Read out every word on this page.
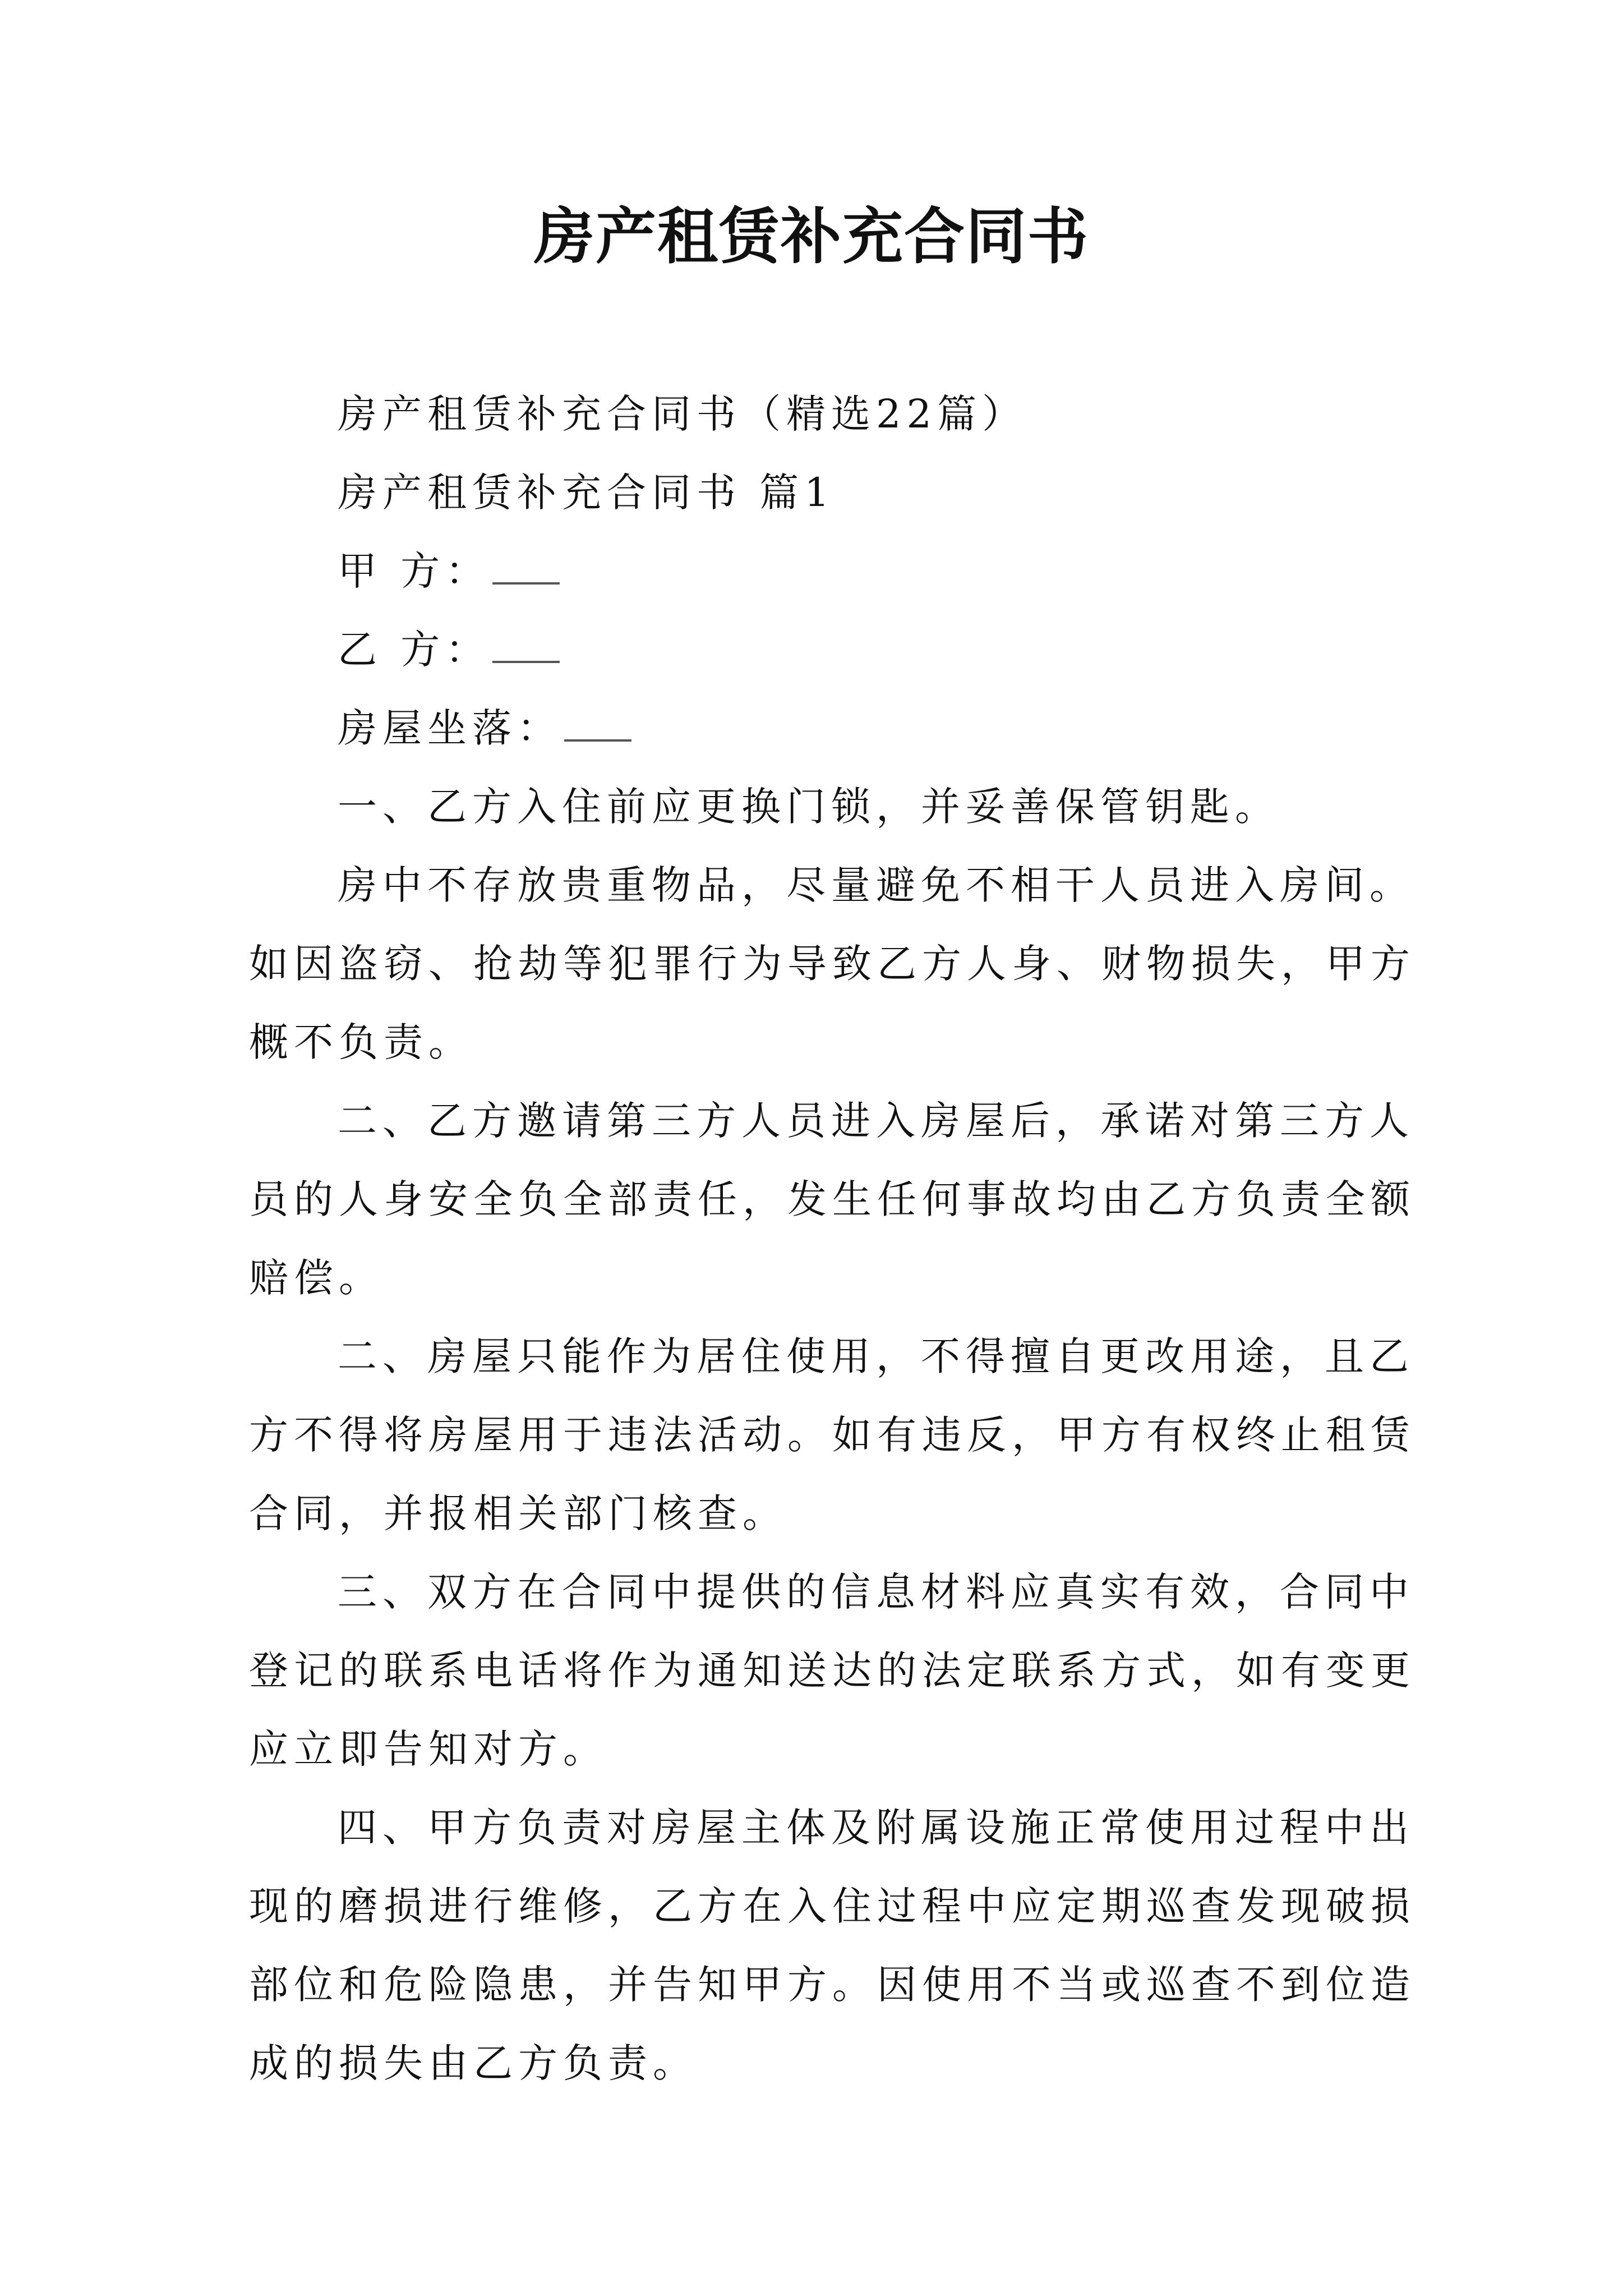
房产租赁补充合同书
房产租赁补充合同书（精选22篇）
房产租赁补充合同书 篇1
甲 方：
乙 方：
房屋坐落：
一、乙方入住前应更换门锁，并妥善保管钥匙。
房中不存放贵重物品，尽量避免不相干人员进入房间。
如因盗窃、抢劫等犯罪行为导致乙方人身、财物损失，甲方
概不负责。
二、乙方邀请第三方人员进入房屋后，承诺对第三方人
员的人身安全负全部责任，发生任何事故均由乙方负责全额
赔偿。
二、房屋只能作为居住使用，不得擅自更改用途，且乙
方不得将房屋用于违法活动。如有违反，甲方有权终止租赁
合同，并报相关部门核查。
三、双方在合同中提供的信息材料应真实有效，合同中
登记的联系电话将作为通知送达的法定联系方式，如有变更
应立即告知对方。
四、甲方负责对房屋主体及附属设施正常使用过程中出
现的磨损进行维修，乙方在入住过程中应定期巡查发现破损
部位和危险隐患，并告知甲方。因使用不当或巡查不到位造
成的损失由乙方负责。
